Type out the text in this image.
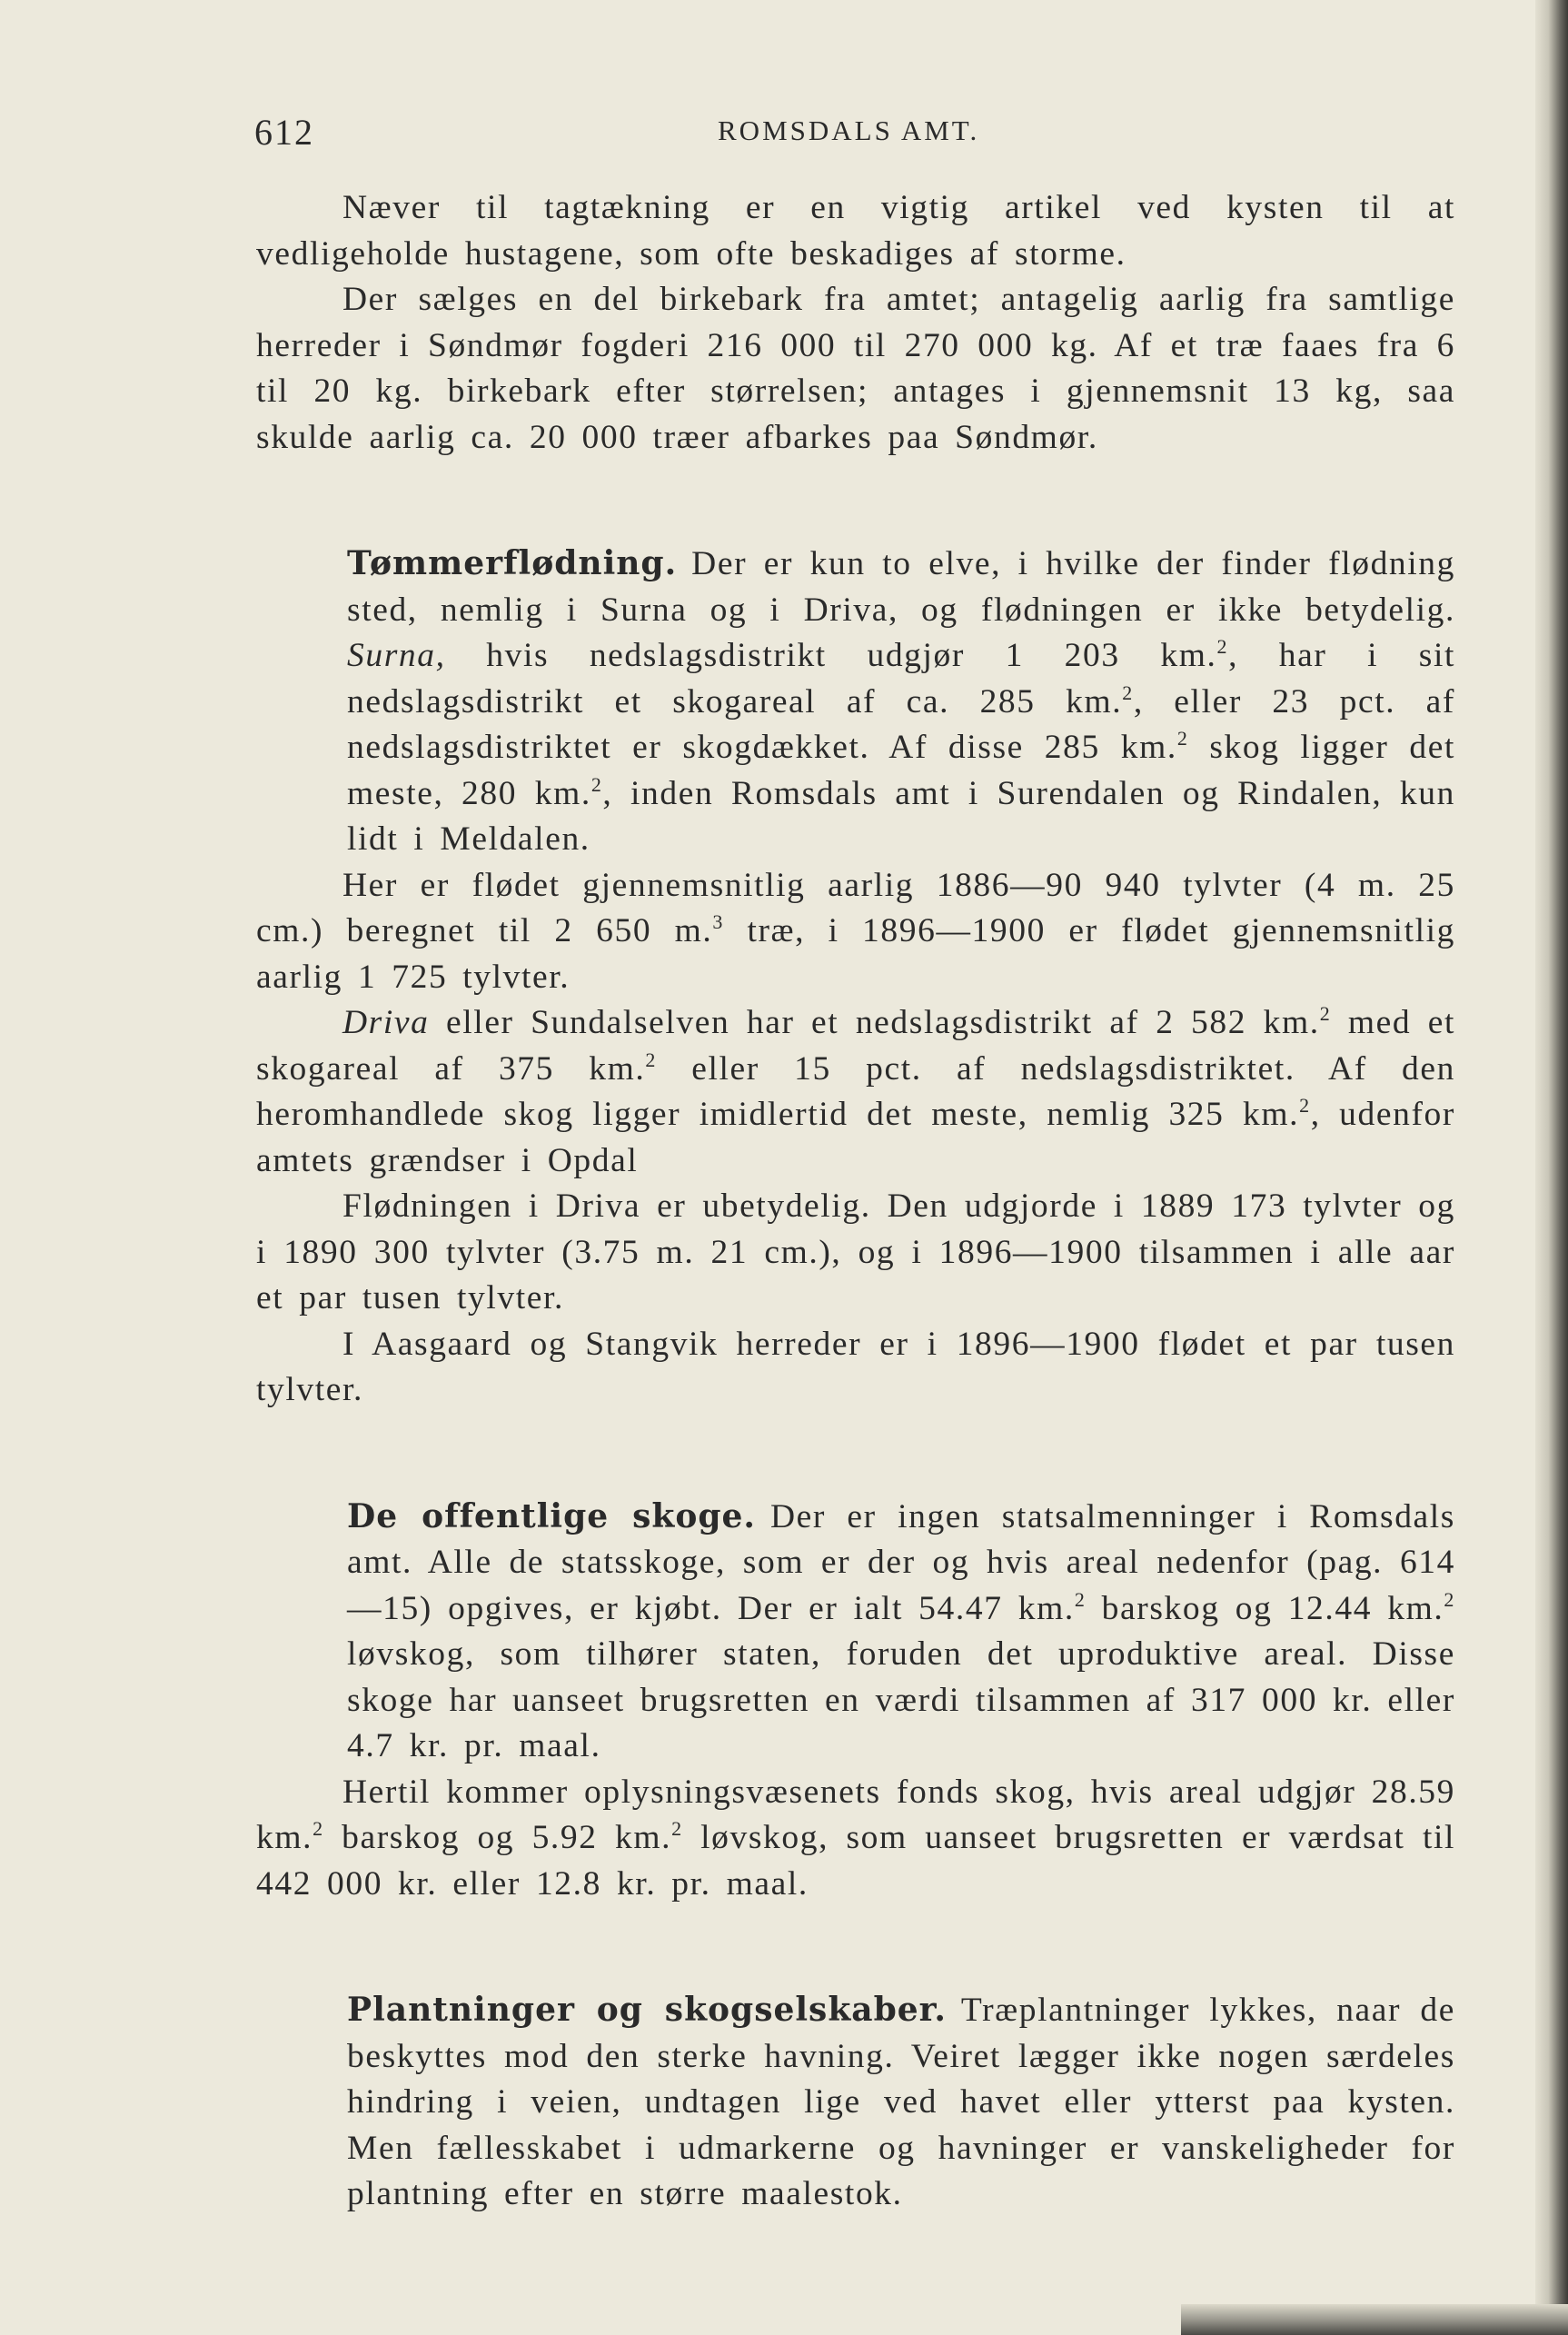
612	ROMSDALS AMT.

Næver til tagtækning er en vigtig artikel ved kysten til at vedligeholde hustagene, som ofte beskadiges af storme.

Der sælges en del birkebark fra amtet; antagelig aarlig fra samtlige herreder i Søndmør fogderi 216 000 til 270 000 kg. Af et træ faaes fra 6 til 20 kg. birkebark efter størrelsen; antages i gjennemsnit 13 kg, saa skulde aarlig ca. 20 000 træer afbarkes paa Søndmør.

Tømmerflødning. Der er kun to elve, i hvilke der finder flødning sted, nemlig i Surna og i Driva, og flødningen er ikke betydelig. Surna, hvis nedslagsdistrikt udgjør 1 203 km.$^2$, har i sit nedslagsdistrikt et skogareal af ca. 285 km.$^2$, eller 23 pct. af nedslagsdistriktet er skogdækket. Af disse 285 km.$^2$ skog ligger det meste, 280 km.$^2$, inden Romsdals amt i Surendalen og Rindalen, kun lidt i Meldalen.

Her er flødet gjennemsnitlig aarlig 1886—90 940 tylvter (4 m. 25 cm.) beregnet til 2 650 m.$^3$ træ, i 1896—1900 er flødet gjennemsnitlig aarlig 1 725 tylvter.

Driva eller Sundalselven har et nedslagsdistrikt af 2 582 km.$^2$ med et skogareal af 375 km.$^2$ eller 15 pct. af nedslagsdistriktet. Af den heromhandlede skog ligger imidlertid det meste, nemlig 325 km.$^2$, udenfor amtets grændser i Opdal

Flødningen i Driva er ubetydelig. Den udgjorde i 1889 173 tylvter og i 1890 300 tylvter (3.75 m. 21 cm.), og i 1896—1900 tilsammen i alle aar et par tusen tylvter.

I Aasgaard og Stangvik herreder er i 1896—1900 flødet et par tusen tylvter.

De offentlige skoge. Der er ingen statsalmenninger i Romsdals amt. Alle de statsskoge, som er der og hvis areal nedenfor (pag. 614—15) opgives, er kjøbt. Der er ialt 54.47 km.$^2$ barskog og 12.44 km.$^2$ løvskog, som tilhører staten, foruden det uproduktive areal. Disse skoge har uanseet brugsretten en værdi tilsammen af 317 000 kr. eller 4.7 kr. pr. maal.

Hertil kommer oplysningsvæsenets fonds skog, hvis areal udgjør 28.59 km.$^2$ barskog og 5.92 km.$^2$ løvskog, som uanseet brugsretten er værdsat til 442 000 kr. eller 12.8 kr. pr. maal.

Plantninger og skogselskaber. Træplantninger lykkes, naar de beskyttes mod den sterke havning. Veiret lægger ikke nogen særdeles hindring i veien, undtagen lige ved havet eller ytterst paa kysten. Men fællesskabet i udmarkerne og havninger er vanskeligheder for plantning efter en større maalestok.
